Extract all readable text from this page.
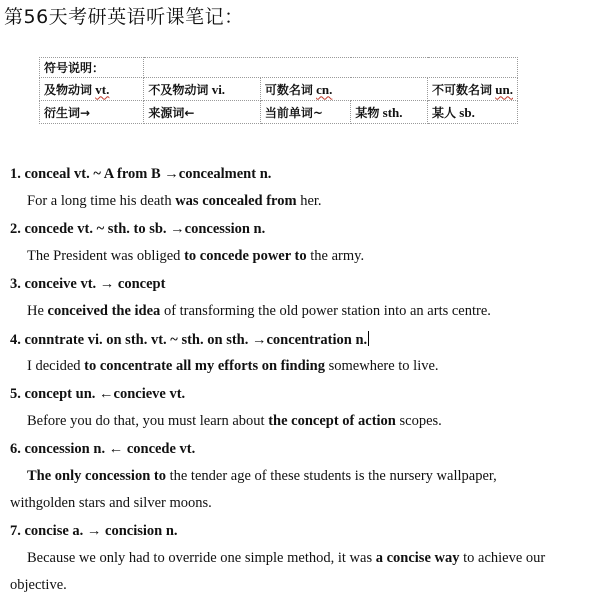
第56天考研英语听课笔记：
符号说明：				
及物动词 vt.	不及物动词 vi.	可数名词 cn.		不可数名词 un.
衍生词→	来源词←	当前单词~	某物 sth.	某人 sb.
1. conceal vt. ~ A from B →concealment n.
For a long time his death was concealed from her.
2. concede vt. ~ sth. to sb. →concession n.
The President was obliged to concede power to the army.
3. conceive vt. → concept
He conceived the idea of transforming the old power station into an arts centre.
4. conntrate vi. on sth. vt. ~ sth. on sth. →concentration n.
I decided to concentrate all my efforts on finding somewhere to live.
5. concept un. ←concieve vt.
Before you do that, you must learn about the concept of action scopes.
6. concession n. ← concede vt.
The only concession to the tender age of these students is the nursery wallpaper,
withgolden stars and silver moons.
7. concise a. → concision n.
Because we only had to override one simple method, it was a concise way to achieve our
objective.
